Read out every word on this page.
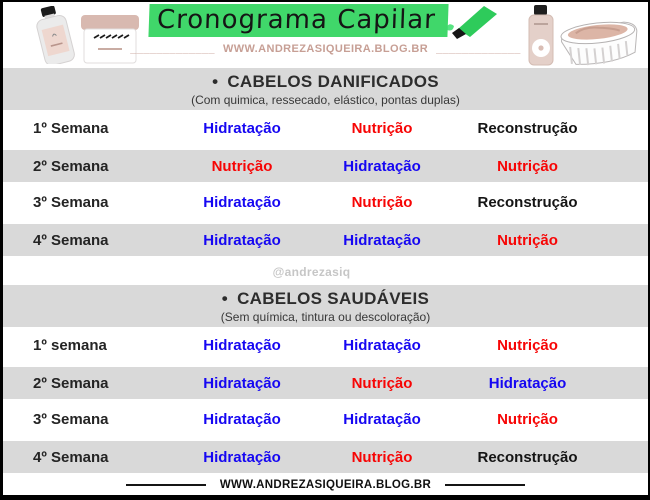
Cronograma Capilar
_____________ WWW.ANDREZASIQUEIRA.BLOG.BR _____________
• CABELOS DANIFICADOS
(Com quimica, ressecado, elástico, pontas duplas)
1º Semana	Hidratação	Nutrição	Reconstrução
2º Semana	Nutrição	Hidratação	Nutrição
3º Semana	Hidratação	Nutrição	Reconstrução
4º Semana	Hidratação	Hidratação	Nutrição
@andrezasiq
• CABELOS SAUDÁVEIS
(Sem química, tintura ou descoloração)
1º semana	Hidratação	Hidratação	Nutrição
2º Semana	Hidratação	Nutrição	Hidratação
3º Semana	Hidratação	Hidratação	Nutrição
4º Semana	Hidratação	Nutrição	Reconstrução
WWW.ANDREZASIQUEIRA.BLOG.BR
